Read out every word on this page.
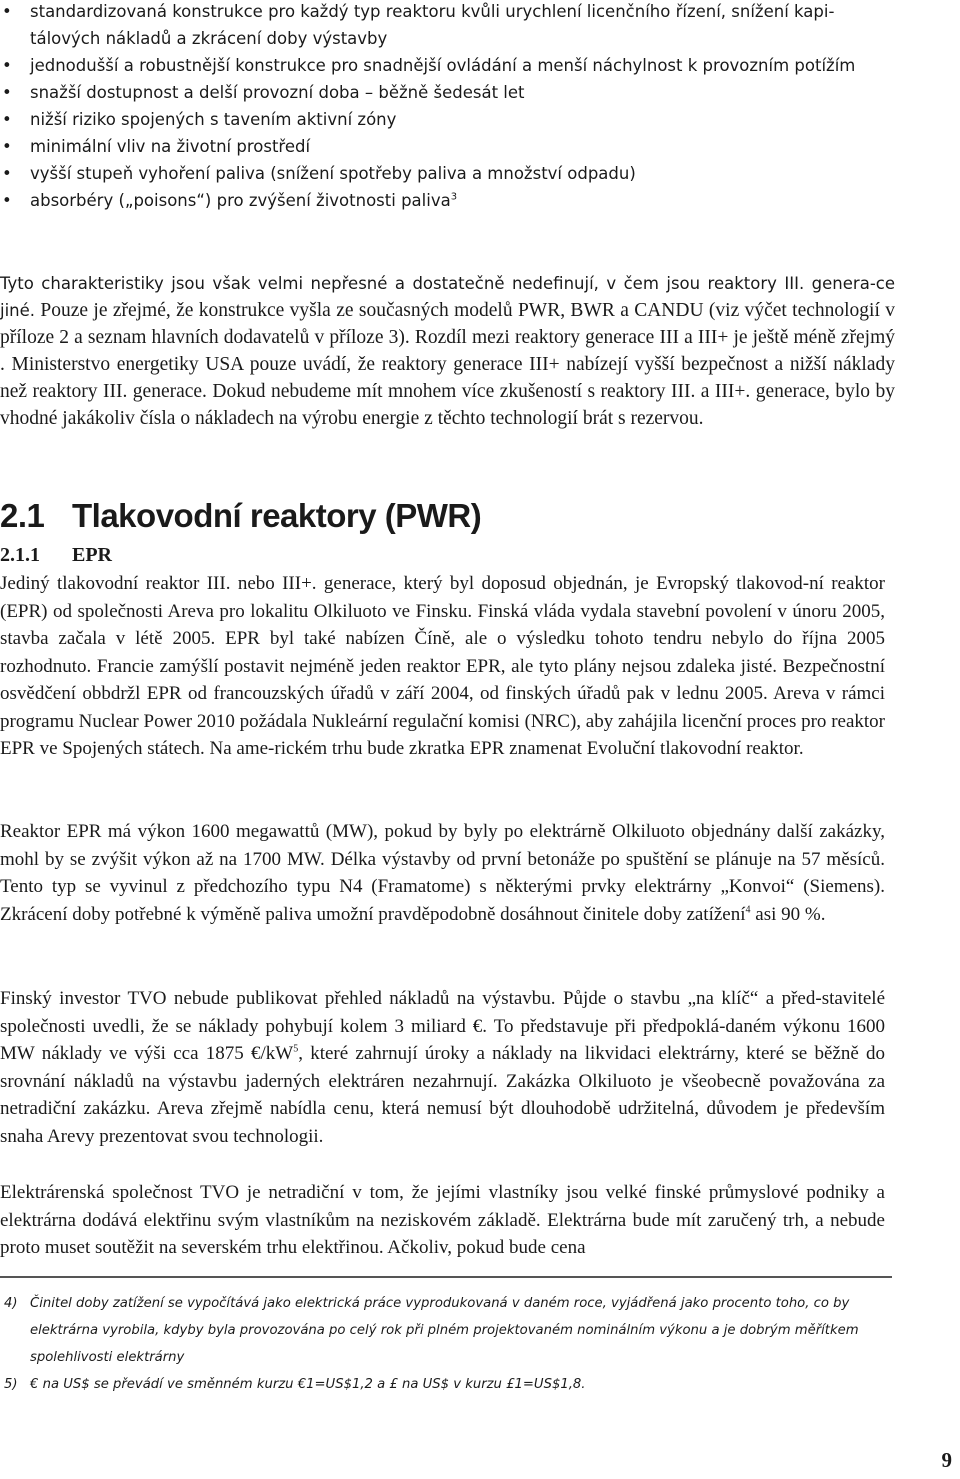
• standardizovaná konstrukce pro každý typ reaktoru kvůli urychlení licenčního řízení, snížení kapi-tálových nákladů a zkrácení doby výstavby
• jednodušší a robustnější konstrukce pro snadnější ovládání a menší náchylnost k provozním potížím
• snažší dostupnost a delší provozní doba – běžně šedesát let
• nižší riziko spojených s tavením aktivní zóny
• minimální vliv na životní prostředí
• vyšší stupeň vyhoření paliva (snížení spotřeby paliva a množství odpadu)
• absorbéry („poisons“) pro zvýšení životnosti paliva$^3$

Tyto charakteristiky jsou však velmi nepřesné a dostatečně nedefinují, v čem jsou reaktory III. genera-ce jiné. Pouze je zřejmé, že konstrukce vyšla ze současných modelů PWR, BWR a CANDU (viz výčet technologií v příloze 2 a seznam hlavních dodavatelů v příloze 3). Rozdíl mezi reaktory generace III a III+ je ještě méně zřejmý . Ministerstvo energetiky USA pouze uvádí, že reaktory generace III+ nabízejí vyšší bezpečnost a nižší náklady než reaktory III. generace. Dokud nebudeme mít mnohem více zkušeností s reaktory III. a III+. generace, bylo by vhodné jakákoliv čísla o nákladech na výrobu energie z těchto technologií brát s rezervou.

2.1 Tlakovodní reaktory (PWR)
2.1.1 EPR

Jediný tlakovodní reaktor III. nebo III+. generace, který byl doposud objednán, je Evropský tlakovod-ní reaktor (EPR) od společnosti Areva pro lokalitu Olkiluoto ve Finsku. Finská vláda vydala stavební povolení v únoru 2005, stavba začala v létě 2005. EPR byl také nabízen Číně, ale o výsledku tohoto tendru nebylo do října 2005 rozhodnuto. Francie zamýšlí postavit nejméně jeden reaktor EPR, ale tyto plány nejsou zdaleka jisté. Bezpečnostní osvědčení obbdržl EPR od francouzských úřadů v září 2004, od finských úřadů pak v lednu 2005. Areva v rámci programu Nuclear Power 2010 požádala Nukleární regulační komisi (NRC), aby zahájila licenční proces pro reaktor EPR ve Spojených státech. Na ame-rickém trhu bude zkratka EPR znamenat Evoluční tlakovodní reaktor.

Reaktor EPR má výkon 1600 megawattů (MW), pokud by byly po elektrárně Olkiluoto objednány další zakázky, mohl by se zvýšit výkon až na 1700 MW. Délka výstavby od první betonáže po spuštění se plánuje na 57 měsíců. Tento typ se vyvinul z předchozího typu N4 (Framatome) s některými prvky elektrárny „Konvoi“ (Siemens). Zkrácení doby potřebné k výměně paliva umožní pravděpodobně dosáhnout činitele doby zatížení$^4$ asi 90 %.

Finský investor TVO nebude publikovat přehled nákladů na výstavbu. Půjde o stavbu „na klíč“ a před-stavitelé společnosti uvedli, že se náklady pohybují kolem 3 miliard €. To představuje při předpoklá-daném výkonu 1600 MW náklady ve výši cca 1875 $€/kW^5$, které zahrnují úroky a náklady na likvidaci elektrárny, které se běžně do srovnání nákladů na výstavbu jaderných elektráren nezahrnují. Zakázka Olkiluoto je všeobecně považována za netradiční zakázku. Areva zřejmě nabídla cenu, která nemusí být dlouhodobě udržitelná, důvodem je především snaha Arevy prezentovat svou technologii.

Elektrárenská společnost TVO je netradiční v tom, že jejími vlastníky jsou velké finské průmyslové podniky a elektrárna dodává elektřinu svým vlastníkům na neziskovém základě. Elektrárna bude mít zaručený trh, a nebude proto muset soutěžit na severském trhu elektřinou. Ačkoliv, pokud bude cena

4) Činitel doby zatížení se vypočítává jako elektrická práce vyprodukovaná v daném roce, vyjádřená jako procento toho, co by elektrárna vyrobila, kdyby byla provozována po celý rok při plném projektovaném nominálním výkonu a je dobrým měřítkem spolehlivosti elektrárny

5) € na US$ se převádí ve směnném kurzu €1=US$1,2 a £ na US$ v kurzu £1=US$1,8.

9
